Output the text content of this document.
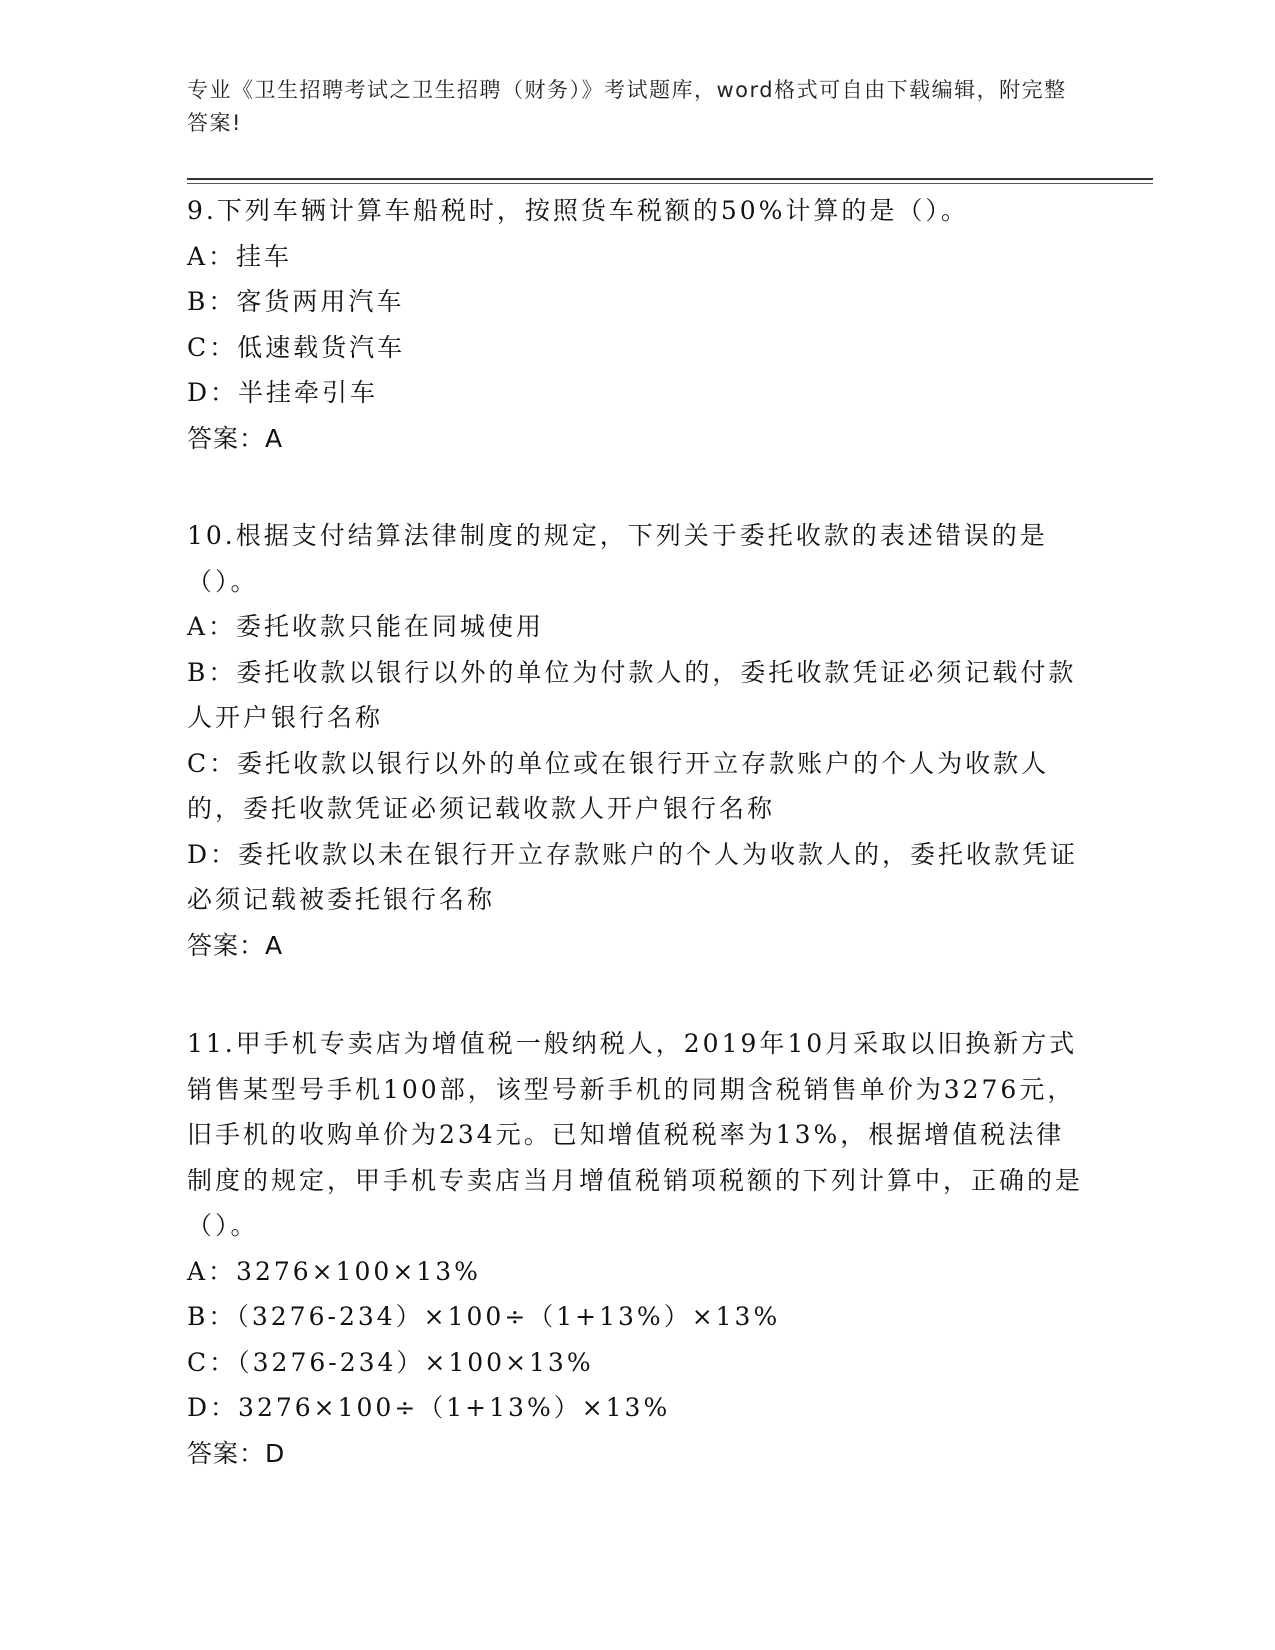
专业《卫生招聘考试之卫生招聘（财务）》考试题库，word格式可自由下载编辑，附完整答案!

9.下列车辆计算车船税时，按照货车税额的50%计算的是（）。

A：挂车

B：客货两用汽车

C：低速载货汽车

D：半挂牵引车

答案：A

10.根据支付结算法律制度的规定，下列关于委托收款的表述错误的是（）。

A：委托收款只能在同城使用

B：委托收款以银行以外的单位为付款人的，委托收款凭证必须记载付款人开户银行名称

C：委托收款以银行以外的单位或在银行开立存款账户的个人为收款人的，委托收款凭证必须记载收款人开户银行名称

D：委托收款以未在银行开立存款账户的个人为收款人的，委托收款凭证必须记载被委托银行名称

答案：A

11.甲手机专卖店为增值税一般纳税人，2019年10月采取以旧换新方式销售某型号手机100部，该型号新手机的同期含税销售单价为3276元，旧手机的收购单价为234元。已知增值税税率为13%，根据增值税法律制度的规定，甲手机专卖店当月增值税销项税额的下列计算中，正确的是（）。

A：3276×100×13%

B：（3276-234）×100÷（1+13%）×13%

C：（3276-234）×100×13%

D：3276×100÷（1+13%）×13%

答案：D
